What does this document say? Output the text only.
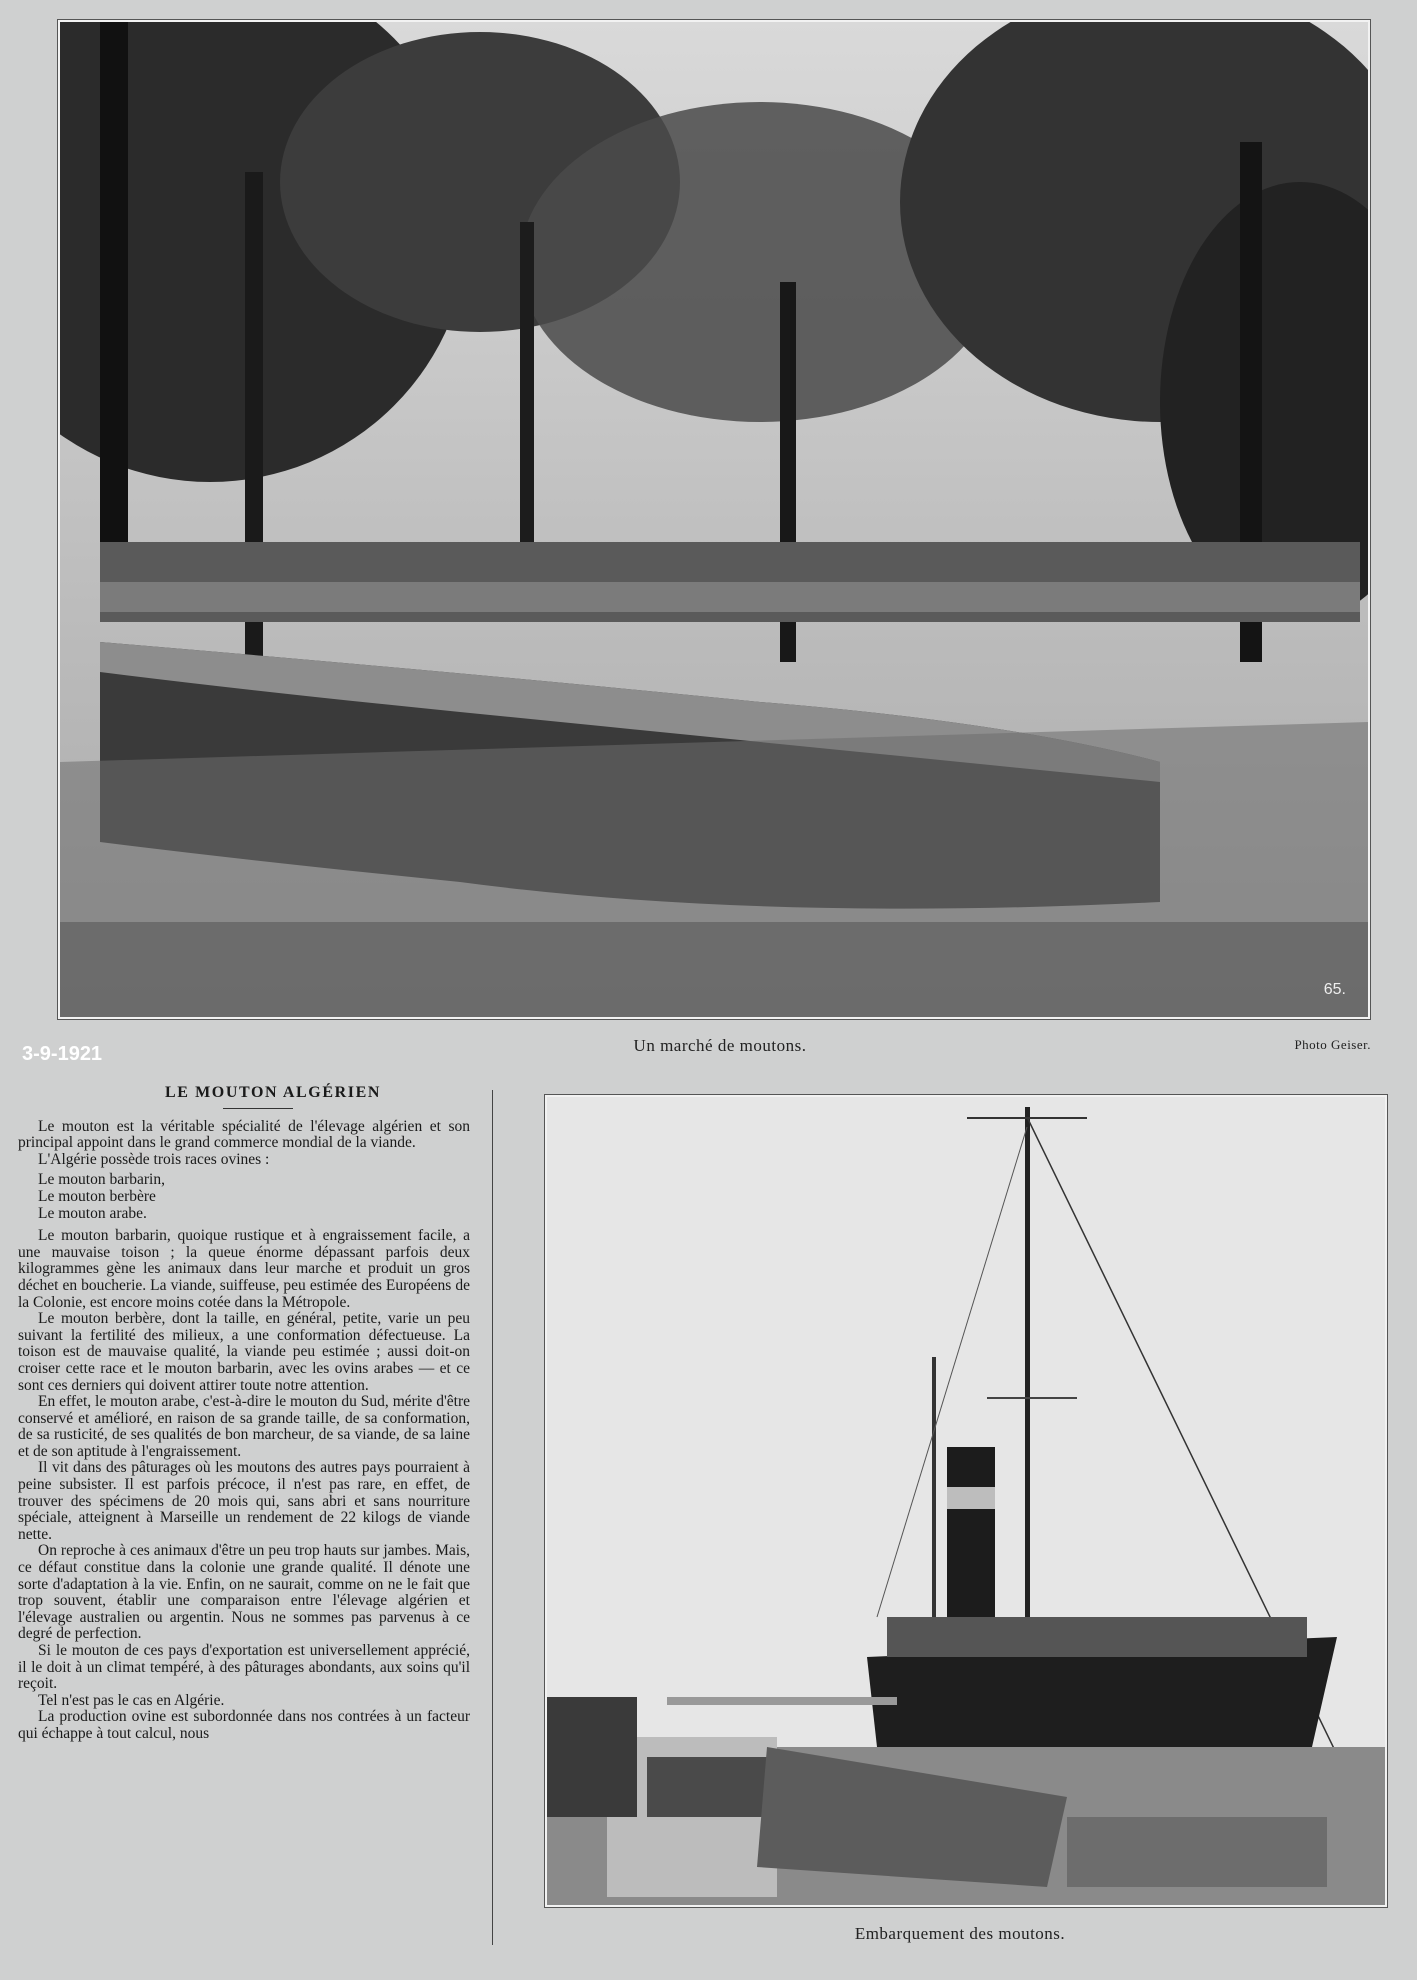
65.
Un marché de moutons.	Photo Geiser.
3-9-1921
LE MOUTON ALGÉRIEN

Le mouton est la véritable spécialité de l'élevage algérien et son principal appoint dans le grand commerce mondial de la viande.

L'Algérie possède trois races ovines :

Le mouton barbarin,

Le mouton berbère

Le mouton arabe.

Le mouton barbarin, quoique rustique et à engraissement facile, a une mauvaise toison ; la queue énorme dépassant parfois deux kilogrammes gène les animaux dans leur marche et produit un gros déchet en boucherie. La viande, suiffeuse, peu estimée des Européens de la Colonie, est encore moins cotée dans la Métropole.

Le mouton berbère, dont la taille, en général, petite, varie un peu suivant la fertilité des milieux, a une conformation défectueuse. La toison est de mauvaise qualité, la viande peu estimée ; aussi doit-on croiser cette race et le mouton barbarin, avec les ovins arabes — et ce sont ces derniers qui doivent attirer toute notre attention.

En effet, le mouton arabe, c'est-à-dire le mouton du Sud, mérite d'être conservé et amélioré, en raison de sa grande taille, de sa conformation, de sa rusticité, de ses qualités de bon marcheur, de sa viande, de sa laine et de son aptitude à l'engraissement.

Il vit dans des pâturages où les moutons des autres pays pourraient à peine subsister. Il est parfois précoce, il n'est pas rare, en effet, de trouver des spécimens de 20 mois qui, sans abri et sans nourriture spéciale, atteignent à Marseille un rendement de 22 kilogs de viande nette.

On reproche à ces animaux d'être un peu trop hauts sur jambes. Mais, ce défaut constitue dans la colonie une grande qualité. Il dénote une sorte d'adaptation à la vie. Enfin, on ne saurait, comme on ne le fait que trop souvent, établir une comparaison entre l'élevage algérien et l'élevage australien ou argentin. Nous ne sommes pas parvenus à ce degré de perfection.

Si le mouton de ces pays d'exportation est universellement apprécié, il le doit à un climat tempéré, à des pâturages abondants, aux soins qu'il reçoit.

Tel n'est pas le cas en Algérie.

La production ovine est subordonnée dans nos contrées à un facteur qui échappe à tout calcul, nous

Embarquement des moutons.
